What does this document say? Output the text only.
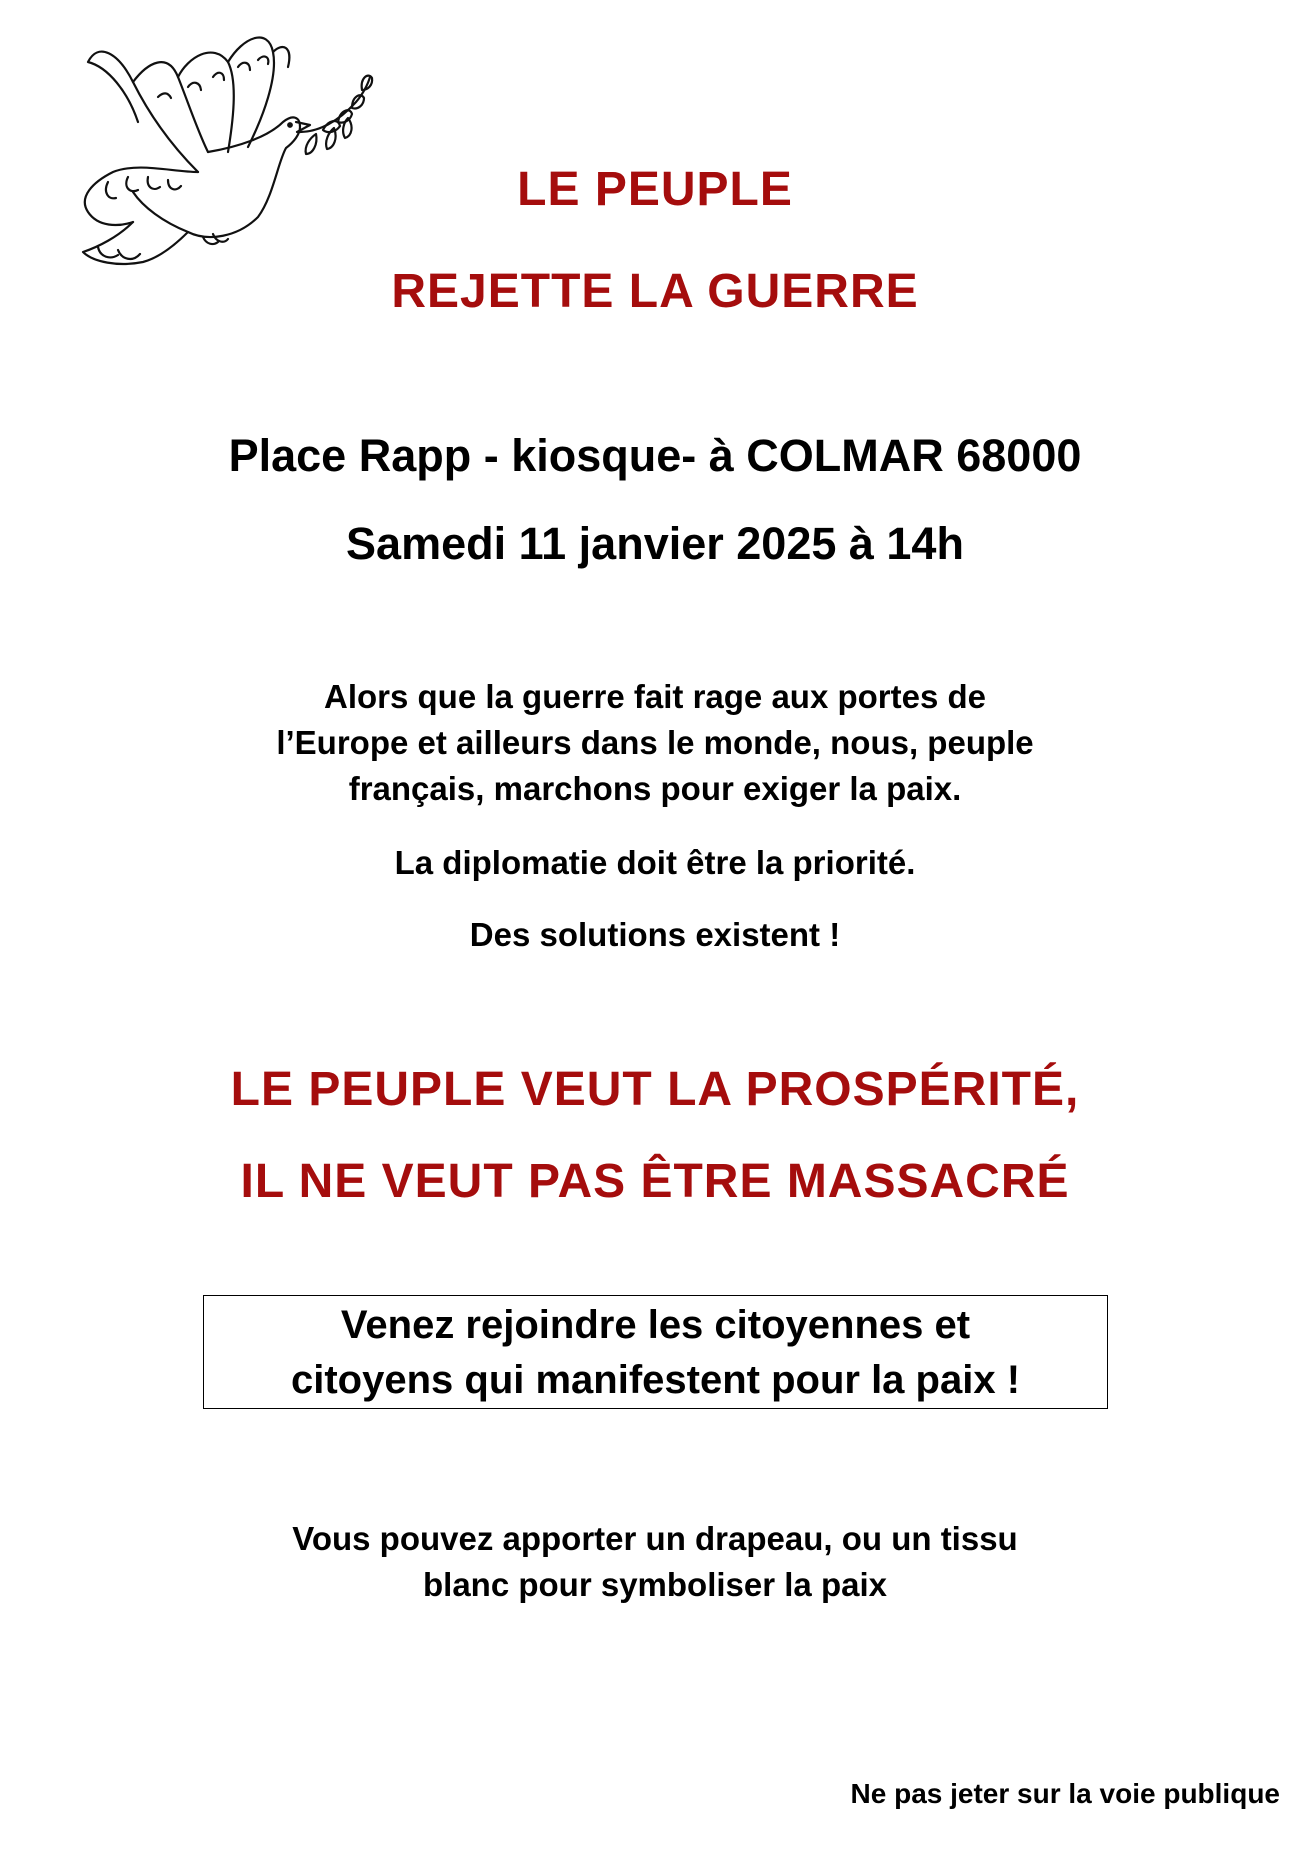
LE PEUPLE
REJETTE LA GUERRE
Place Rapp - kiosque- à COLMAR 68000
Samedi 11 janvier 2025 à 14h
Alors que la guerre fait rage aux portes de
l’Europe et ailleurs dans le monde, nous, peuple
français, marchons pour exiger la paix.
La diplomatie doit être la priorité.
Des solutions existent !
LE PEUPLE VEUT LA PROSPÉRITÉ,
IL NE VEUT PAS ÊTRE MASSACRÉ
Venez rejoindre les citoyennes et
citoyens qui manifestent pour la paix !
Vous pouvez apporter un drapeau, ou un tissu
blanc pour symboliser la paix
Ne pas jeter sur la voie publique
